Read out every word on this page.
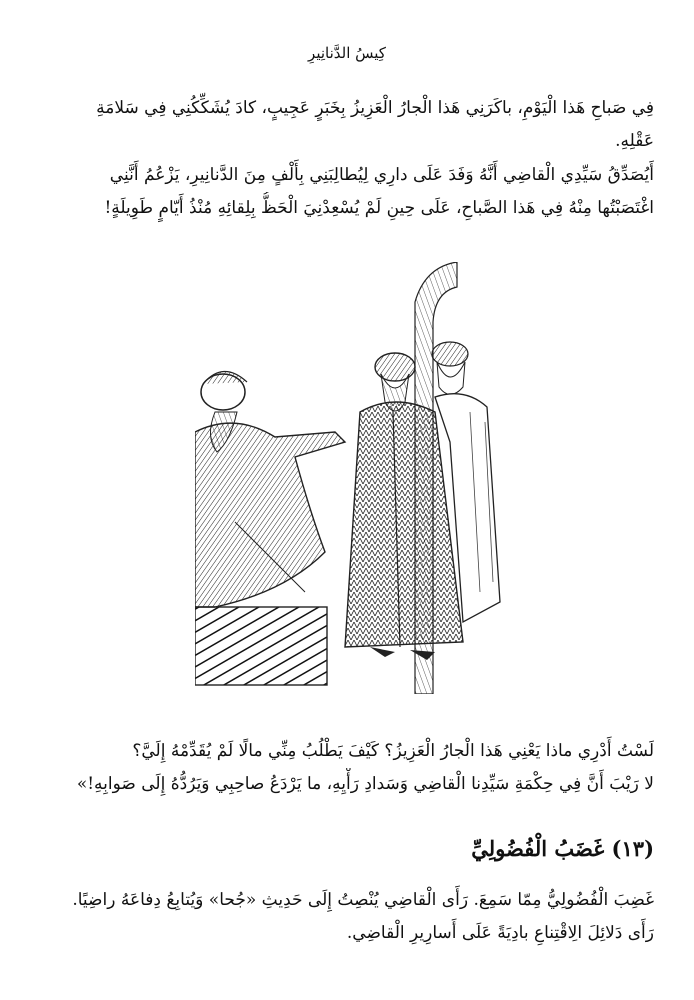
كِيسُ الدَّنانِيرِ
فِي صَباحِ هَذا الْيَوْمِ، باكَرَنِي هَذا الْجارُ الْعَزِيزُ بِخَبَرٍ عَجِيبٍ، كادَ يُشَكِّكُنِي فِي سَلامَةِ
عَقْلِهِ.
أَيُصَدِّقُ سَيِّدِي الْقاضِي أَنَّهُ وَفَدَ عَلَى دارِي لِيُطالِبَنِي بِأَلْفٍ مِنَ الدَّنانِيرِ، يَزْعُمُ أَنَّنِي
اغْتَصَبْتُها مِنْهُ فِي هَذا الصَّباحِ، عَلَى حِينِ لَمْ يُسْعِدْنِيَ الْحَظُّ بِلِقائِهِ مُنْذُ أَيّامٍ طَوِيلَةٍ!
لَسْتُ أَدْرِي ماذا يَعْنِي هَذا الْجارُ الْعَزِيزُ؟ كَيْفَ يَطْلُبُ مِنِّي مالًا لَمْ يُقَدِّمْهُ إِلَيَّ؟
لا رَيْبَ أَنَّ فِي حِكْمَةِ سَيِّدِنا الْقاضِي وَسَدادِ رَأْيِهِ، ما يَرْدَعُ صاحِبِي وَيَرُدُّهُ إِلَى صَوابِهِ!»
(١٣) غَضَبُ الْفُضُولِيِّ
غَضِبَ الْفُضُولِيُّ مِمّا سَمِعَ. رَأَى الْقاضِي يُنْصِتُ إِلَى حَدِيثِ «جُحا» وَيُتابِعُ دِفاعَهُ راضِيًا.
رَأَى دَلائِلَ الِاقْتِناعِ بادِيَةً عَلَى أَسارِيرِ الْقاضِي.
